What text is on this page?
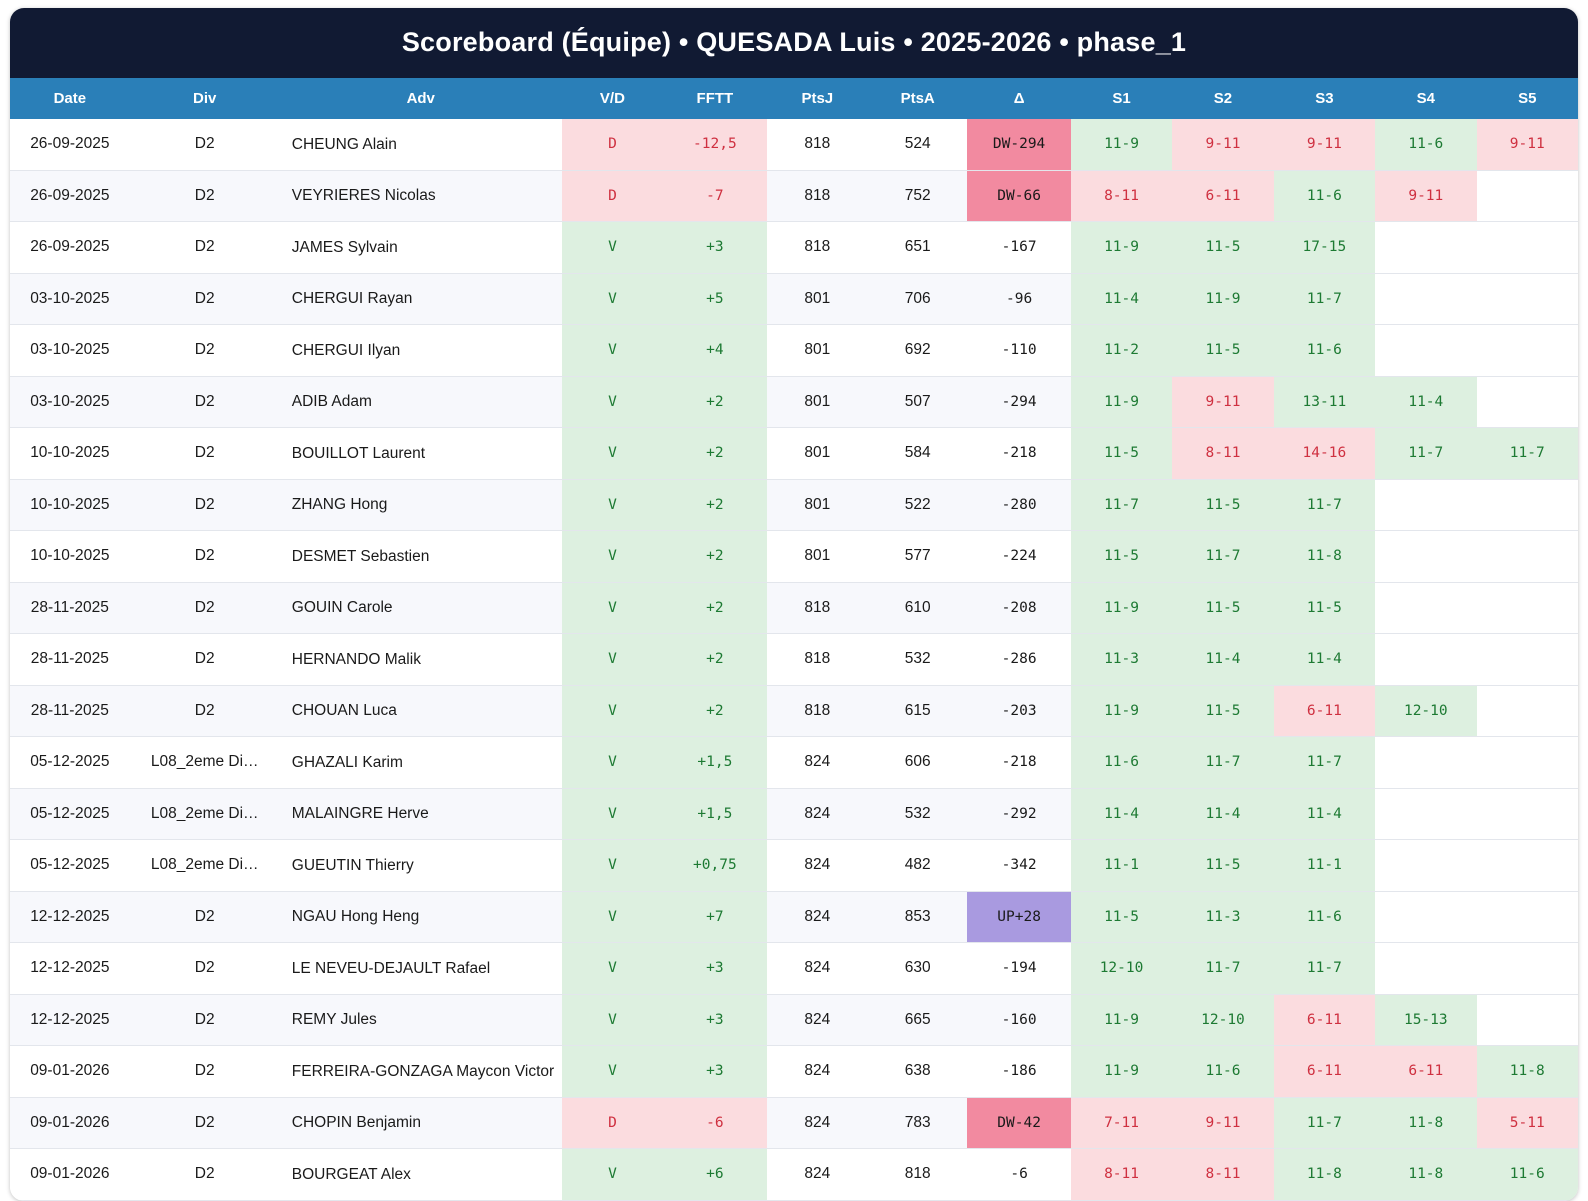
Scoreboard (Équipe) • QUESADA Luis • 2025-2026 • phase_1
Date	Div	Adv	V/D	FFTT	PtsJ	PtsA	Δ	S1	S2	S3	S4	S5
26-09-2025	D2	CHEUNG Alain	D	-12,5	818	524	DW-294	11-9	9-11	9-11	11-6	9-11
26-09-2025	D2	VEYRIERES Nicolas	D	-7	818	752	DW-66	8-11	6-11	11-6	9-11	
26-09-2025	D2	JAMES Sylvain	V	+3	818	651	-167	11-9	11-5	17-15		
03-10-2025	D2	CHERGUI Rayan	V	+5	801	706	-96	11-4	11-9	11-7		
03-10-2025	D2	CHERGUI Ilyan	V	+4	801	692	-110	11-2	11-5	11-6		
03-10-2025	D2	ADIB Adam	V	+2	801	507	-294	11-9	9-11	13-11	11-4	
10-10-2025	D2	BOUILLOT Laurent	V	+2	801	584	-218	11-5	8-11	14-16	11-7	11-7
10-10-2025	D2	ZHANG Hong	V	+2	801	522	-280	11-7	11-5	11-7		
10-10-2025	D2	DESMET Sebastien	V	+2	801	577	-224	11-5	11-7	11-8		
28-11-2025	D2	GOUIN Carole	V	+2	818	610	-208	11-9	11-5	11-5		
28-11-2025	D2	HERNANDO Malik	V	+2	818	532	-286	11-3	11-4	11-4		
28-11-2025	D2	CHOUAN Luca	V	+2	818	615	-203	11-9	11-5	6-11	12-10	
05-12-2025	L08_2eme Di…	GHAZALI Karim	V	+1,5	824	606	-218	11-6	11-7	11-7		
05-12-2025	L08_2eme Di…	MALAINGRE Herve	V	+1,5	824	532	-292	11-4	11-4	11-4		
05-12-2025	L08_2eme Di…	GUEUTIN Thierry	V	+0,75	824	482	-342	11-1	11-5	11-1		
12-12-2025	D2	NGAU Hong Heng	V	+7	824	853	UP+28	11-5	11-3	11-6		
12-12-2025	D2	LE NEVEU-DEJAULT Rafael	V	+3	824	630	-194	12-10	11-7	11-7		
12-12-2025	D2	REMY Jules	V	+3	824	665	-160	11-9	12-10	6-11	15-13	
09-01-2026	D2	FERREIRA-GONZAGA Maycon Victor	V	+3	824	638	-186	11-9	11-6	6-11	6-11	11-8
09-01-2026	D2	CHOPIN Benjamin	D	-6	824	783	DW-42	7-11	9-11	11-7	11-8	5-11
09-01-2026	D2	BOURGEAT Alex	V	+6	824	818	-6	8-11	8-11	11-8	11-8	11-6
